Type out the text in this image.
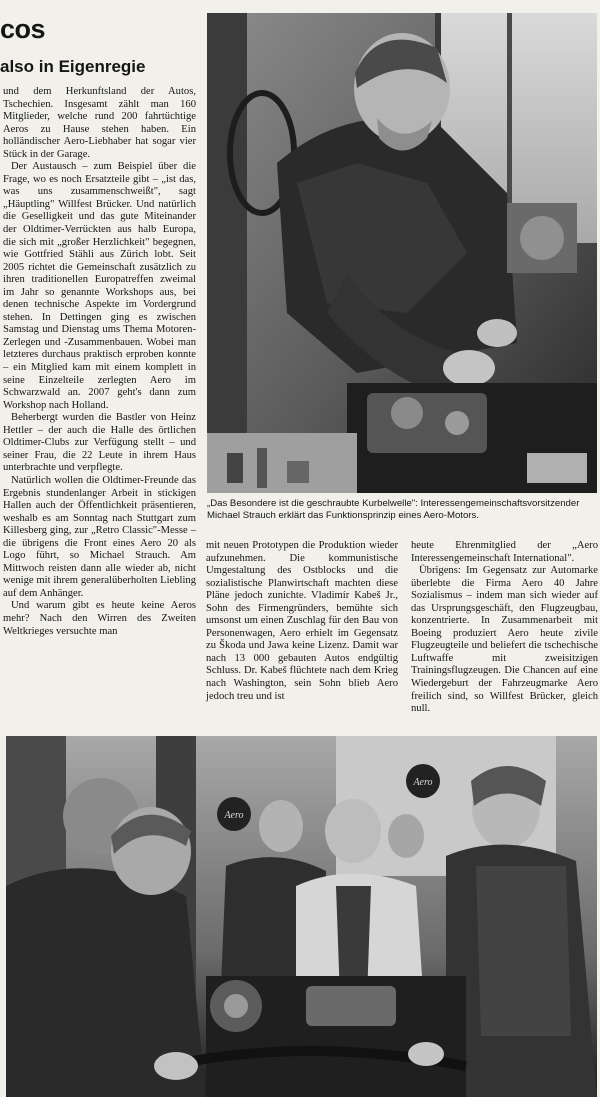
cos
also in Eigenregie

und dem Herkunftsland der Autos, Tschechien. Insgesamt zählt man 160 Mitglieder, welche rund 200 fahrtüchtige Aeros zu Hause stehen haben. Ein holländischer Aero-Liebhaber hat sogar vier Stück in der Garage.

Der Austausch – zum Beispiel über die Frage, wo es noch Ersatzteile gibt – „ist das, was uns zusammenschweißt", sagt „Häuptling" Willfest Brücker. Und natürlich die Geselligkeit und das gute Miteinander der Oldtimer-Verrückten aus halb Europa, die sich mit „großer Herzlichkeit" begegnen, wie Gottfried Stähli aus Zürich lobt. Seit 2005 richtet die Gemeinschaft zusätzlich zu ihren traditionellen Europatreffen zweimal im Jahr so genannte Workshops aus, bei denen technische Aspekte im Vordergrund stehen. In Dettingen ging es zwischen Samstag und Dienstag ums Thema Motoren-Zerlegen und -Zusammenbauen. Wobei man letzteres durchaus praktisch erproben konnte – ein Mitglied kam mit einem komplett in seine Einzelteile zerlegten Aero im Schwarzwald an. 2007 geht's dann zum Workshop nach Holland.

Beherbergt wurden die Bastler von Heinz Hettler – der auch die Halle des örtlichen Oldtimer-Clubs zur Verfügung stellt – und seiner Frau, die 22 Leute in ihrem Haus unterbrachte und verpflegte.

Natürlich wollen die Oldtimer-Freunde das Ergebnis stundenlanger Arbeit in stickigen Hallen auch der Öffentlichkeit präsentieren, weshalb es am Sonntag nach Stuttgart zum Killesberg ging, zur „Retro Classic"-Messe – die übrigens die Front eines Aero 20 als Logo führt, so Michael Strauch. Am Mittwoch reisten dann alle wieder ab, nicht wenige mit ihrem generalüberholten Liebling auf dem Anhänger.

Und warum gibt es heute keine Aeros mehr? Nach den Wirren des Zweiten Weltkrieges versuchte man

„Das Besondere ist die geschraubte Kurbelwelle": Interessengemeinschaftsvorsitzender Michael Strauch erklärt das Funktionsprinzip eines Aero-Motors.

mit neuen Prototypen die Produktion wieder aufzunehmen. Die kommunistische Umgestaltung des Ostblocks und die sozialistische Planwirtschaft machten diese Pläne jedoch zunichte. Vladimír Kabeš Jr., Sohn des Firmengründers, bemühte sich umsonst um einen Zuschlag für den Bau von Personenwagen, Aero erhielt im Gegensatz zu Škoda und Jawa keine Lizenz. Damit war nach 13 000 gebauten Autos endgültig Schluss. Dr. Kabeš flüchtete nach dem Krieg nach Washington, sein Sohn blieb Aero jedoch treu und ist

heute Ehrenmitglied der „Aero Interessengemeinschaft International".

Übrigens: Im Gegensatz zur Automarke überlebte die Firma Aero 40 Jahre Sozialismus – indem man sich wieder auf das Ursprungsgeschäft, den Flugzeugbau, konzentrierte. In Zusammenarbeit mit Boeing produziert Aero heute zivile Flugzeugteile und beliefert die tschechische Luftwaffe mit zweisitzigen Trainingsflugzeugen. Die Chancen auf eine Wiedergeburt der Fahrzeugmarke Aero freilich sind, so Willfest Brücker, gleich null.

Aero
Aero
